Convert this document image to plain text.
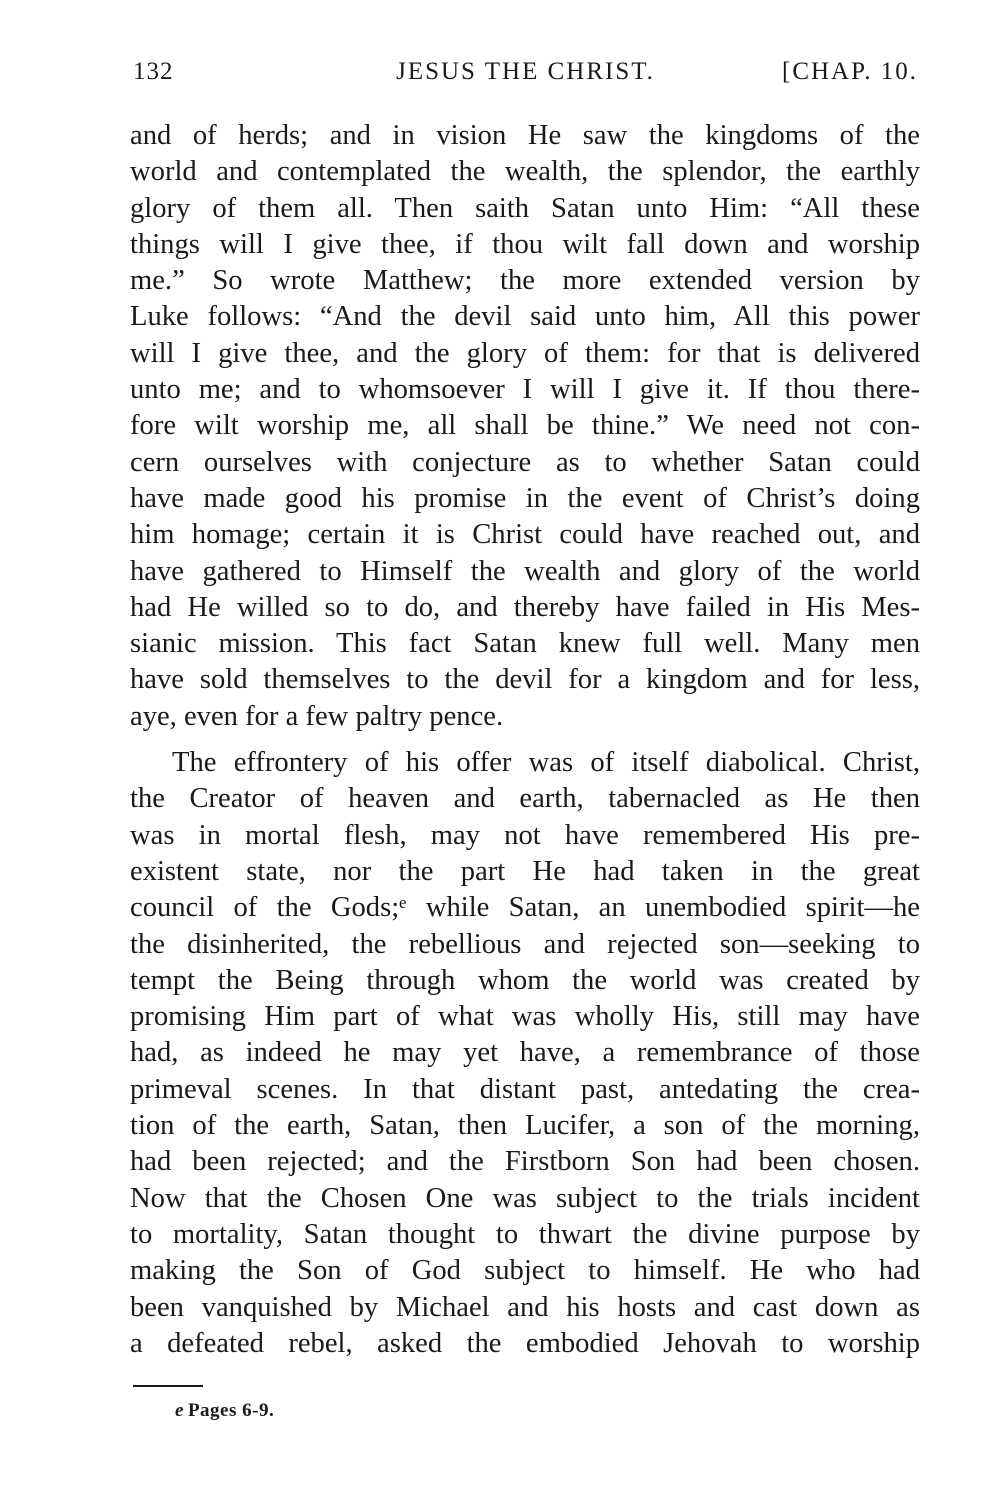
132	JESUS THE CHRIST.	[CHAP. 10.
and of herds; and in vision He saw the kingdoms of the
world and contemplated the wealth, the splendor, the earthly
glory of them all. Then saith Satan unto Him: “All these
things will I give thee, if thou wilt fall down and worship
me.” So wrote Matthew; the more extended version by
Luke follows: “And the devil said unto him, All this power
will I give thee, and the glory of them: for that is delivered
unto me; and to whomsoever I will I give it. If thou there-
fore wilt worship me, all shall be thine.” We need not con-
cern ourselves with conjecture as to whether Satan could
have made good his promise in the event of Christ’s doing
him homage; certain it is Christ could have reached out, and
have gathered to Himself the wealth and glory of the world
had He willed so to do, and thereby have failed in His Mes-
sianic mission. This fact Satan knew full well. Many men
have sold themselves to the devil for a kingdom and for less,
aye, even for a few paltry pence.
The effrontery of his offer was of itself diabolical. Christ,
the Creator of heaven and earth, tabernacled as He then
was in mortal flesh, may not have remembered His pre-
existent state, nor the part He had taken in the great
council of the Gods;ᵉ while Satan, an unembodied spirit—he
the disinherited, the rebellious and rejected son—seeking to
tempt the Being through whom the world was created by
promising Him part of what was wholly His, still may have
had, as indeed he may yet have, a remembrance of those
primeval scenes. In that distant past, antedating the crea-
tion of the earth, Satan, then Lucifer, a son of the morning,
had been rejected; and the Firstborn Son had been chosen.
Now that the Chosen One was subject to the trials incident
to mortality, Satan thought to thwart the divine purpose by
making the Son of God subject to himself. He who had
been vanquished by Michael and his hosts and cast down as
a defeated rebel, asked the embodied Jehovah to worship
e Pages 6-9.
